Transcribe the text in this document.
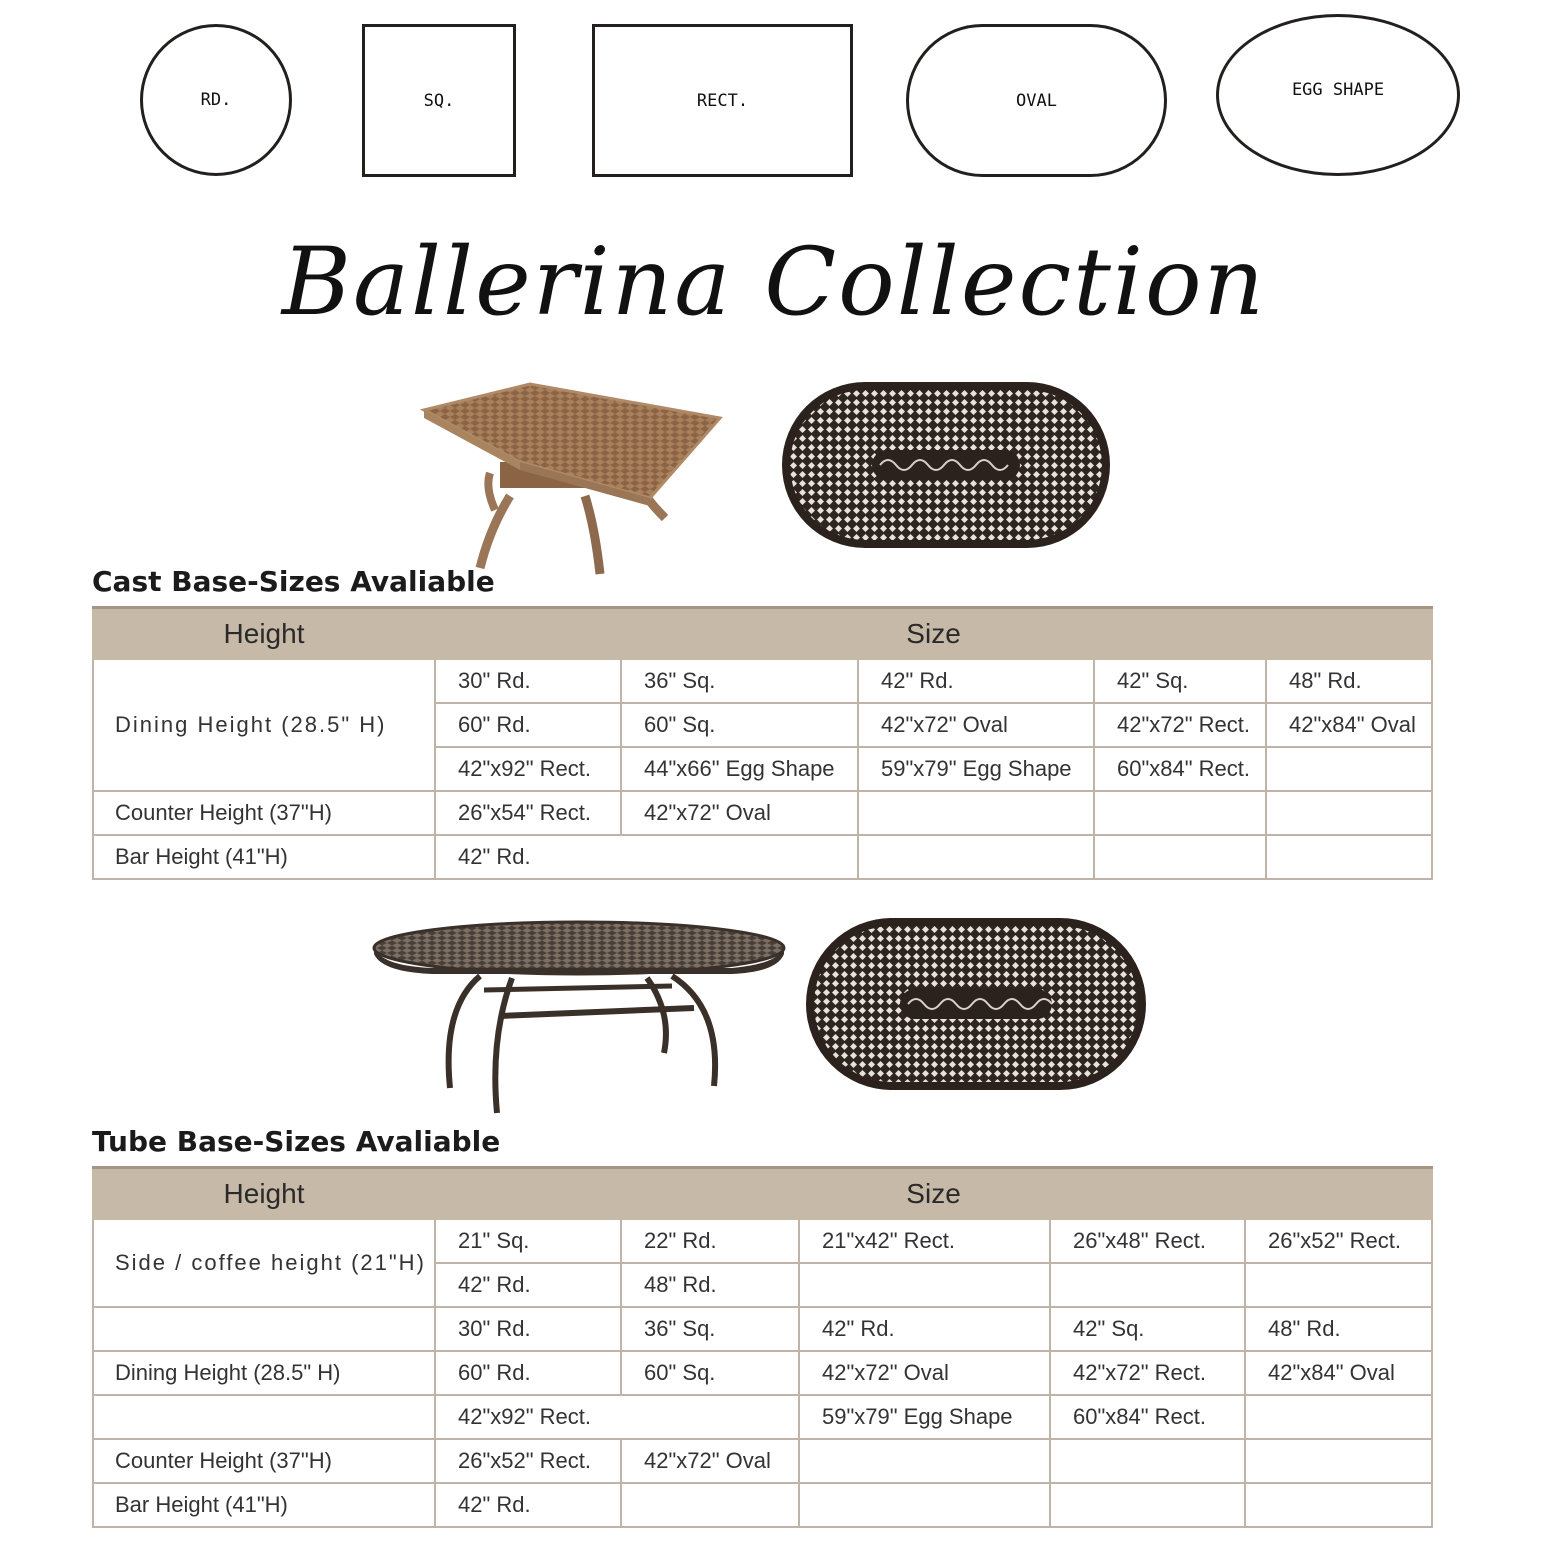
RD.	SQ.	RECT.	OVAL
EGG SHAPE
Ballerina Collection
Cast Base-Sizes Avaliable
Height	Size				
Dining Height (28.5" H)	30" Rd.	36" Sq.	42" Rd.	42" Sq.	48" Rd.
	60" Rd.	60" Sq.	42"x72" Oval	42"x72" Rect.	42"x84" Oval
	42"x92" Rect.	44"x66" Egg Shape	59"x79" Egg Shape	60"x84" Rect.	
Counter Height (37"H)	26"x54" Rect.	42"x72" Oval			
Bar Height (41"H)	42" Rd.				
Tube Base-Sizes Avaliable
Height	Size				
Side / coffee height (21"H)	21" Sq.	22" Rd.	21"x42" Rect.	26"x48" Rect.	26"x52" Rect.
	42" Rd.	48" Rd.			
	30" Rd.	36" Sq.	42" Rd.	42" Sq.	48" Rd.
Dining Height (28.5" H)	60" Rd.	60" Sq.	42"x72" Oval	42"x72" Rect.	42"x84" Oval
	42"x92" Rect.		59"x79" Egg Shape	60"x84" Rect.	
Counter Height (37"H)	26"x52" Rect.	42"x72" Oval			
Bar Height (41"H)	42" Rd.				
